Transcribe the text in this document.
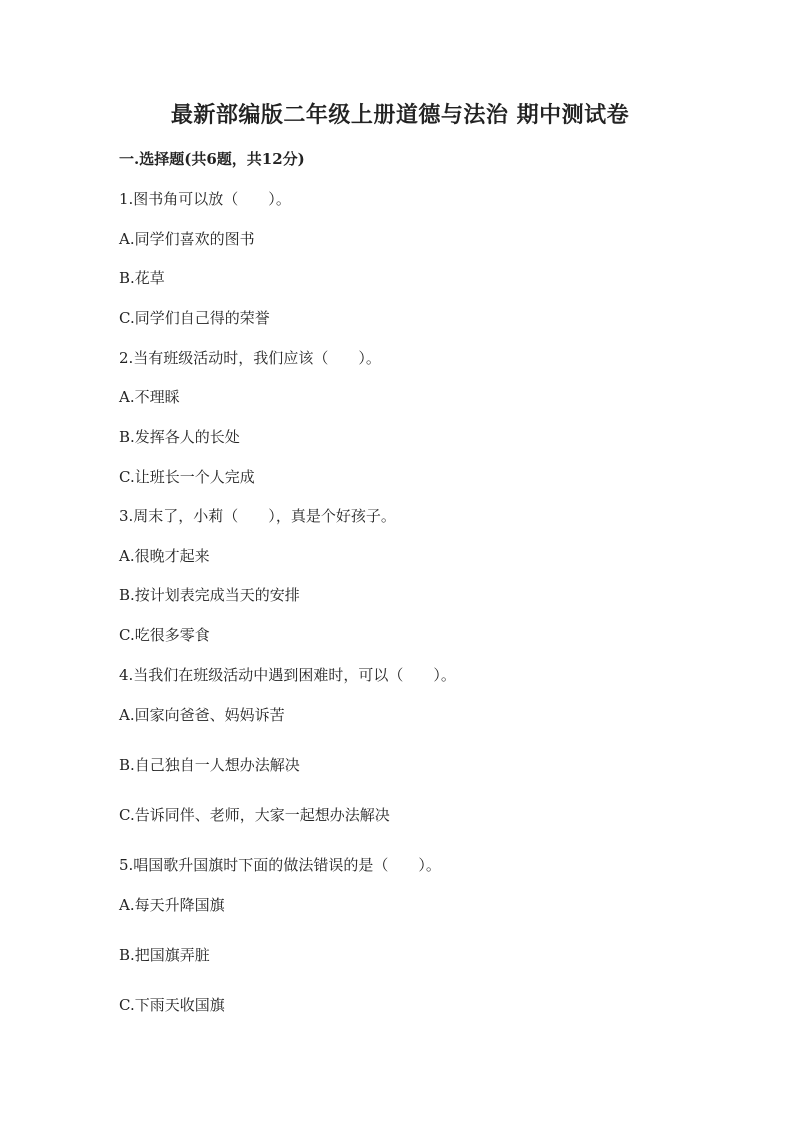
最新部编版二年级上册道德与法治 期中测试卷
一.选择题(共6题，共12分)
1.图书角可以放（　　）。
A.同学们喜欢的图书
B.花草
C.同学们自己得的荣誉
2.当有班级活动时，我们应该（　　）。
A.不理睬
B.发挥各人的长处
C.让班长一个人完成
3.周末了，小莉（　　），真是个好孩子。
A.很晚才起来
B.按计划表完成当天的安排
C.吃很多零食
4.当我们在班级活动中遇到困难时，可以（　　）。
A.回家向爸爸、妈妈诉苦
B.自己独自一人想办法解决
C.告诉同伴、老师，大家一起想办法解决
5.唱国歌升国旗时下面的做法错误的是（　　）。
A.每天升降国旗
B.把国旗弄脏
C.下雨天收国旗
